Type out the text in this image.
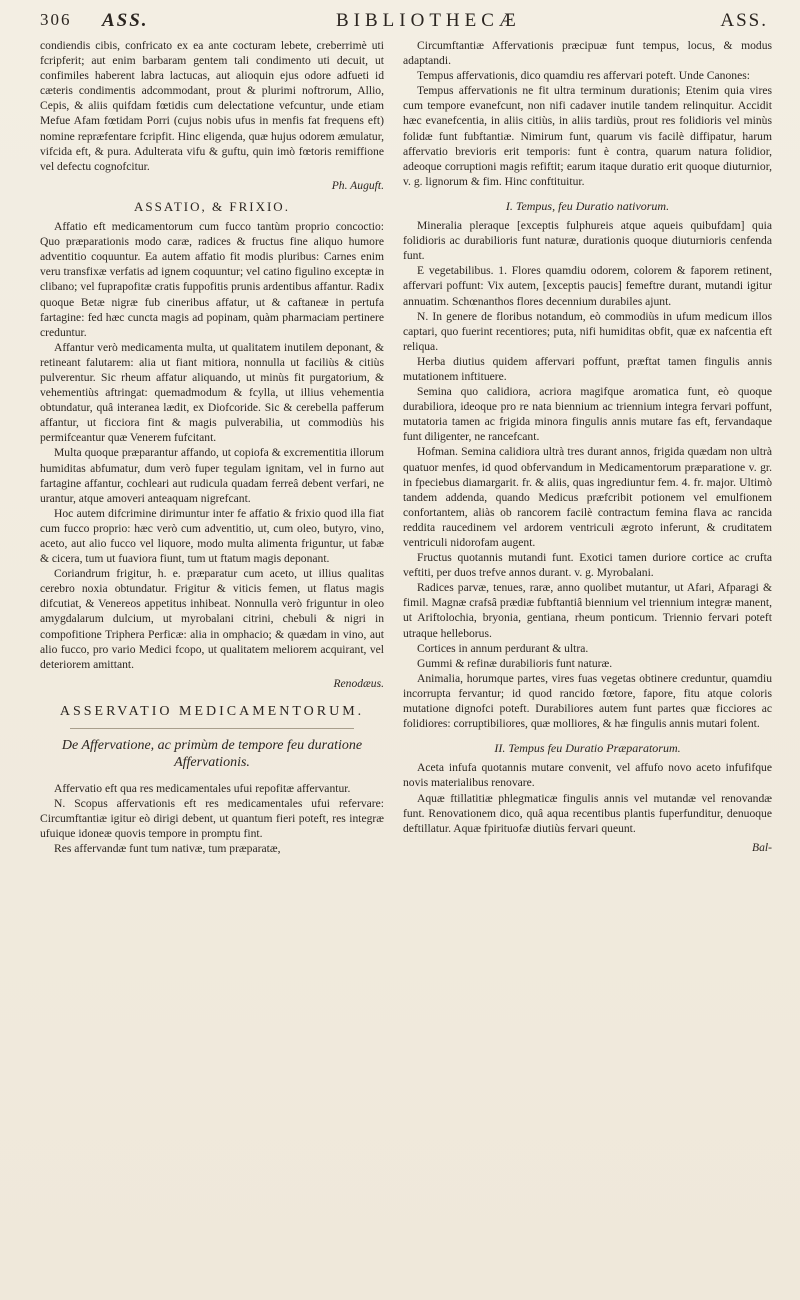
306 ASS.	BIBLIOTHECÆ	ASS.

condiendis cibis, confricato ex ea ante cocturam lebete, creberrimè uti fcripferit; aut enim barbaram gentem tali condimento uti decuit, ut confimiles haberent labra lactucas, aut alioquin ejus odore adfueti id cæteris condimentis adcommodant, prout & plurimi noftrorum, Allio, Cepis, & aliis quifdam fœtidis cum delectatione vefcuntur, unde etiam Mefue Afam fœtidam Porri (cujus nobis ufus in menfis fat frequens eft) nomine repræfentare fcripfit. Hinc eligenda, quæ hujus odorem æmulatur, vifcida eft, & pura. Adulterata vifu & guftu, quin imò fœtoris remiffione vel defectu cognofcitur.

Ph. Auguft.
ASSATIO, & FRIXIO.

Affatio eft medicamentorum cum fucco tantùm proprio concoctio: Quo præparationis modo caræ, radices & fructus fine aliquo humore adventitio coquuntur. Ea autem affatio fit modis pluribus: Carnes enim veru transfixæ verfatis ad ignem coquuntur; vel catino figulino exceptæ in clibano; vel fuprapofitæ cratis fuppofitis prunis ardentibus affantur. Radix quoque Betæ nigræ fub cineribus affatur, ut & caftaneæ in pertufa fartagine: fed hæc cuncta magis ad popinam, quàm pharmaciam pertinere creduntur.

Affantur verò medicamenta multa, ut qualitatem inutilem deponant, & retineant falutarem: alia ut fiant mitiora, nonnulla ut faciliùs & citiùs pulverentur. Sic rheum affatur aliquando, ut minùs fit purgatorium, & vehementiùs aftringat: quemadmodum & fcylla, ut illius vehementia obtundatur, quâ interanea lædit, ex Diofcoride. Sic & cerebella pafferum affantur, ut ficciora fint & magis pulverabilia, ut commodiùs his permifceantur quæ Venerem fufcitant.

Multa quoque præparantur affando, ut copiofa & excrementitia illorum humiditas abfumatur, dum verò fuper tegulam ignitam, vel in furno aut fartagine affantur, cochleari aut rudicula quadam ferreâ debent verfari, ne urantur, atque amoveri anteaquam nigrefcant.

Hoc autem difcrimine dirimuntur inter fe affatio & frixio quod illa fiat cum fucco proprio: hæc verò cum adventitio, ut, cum oleo, butyro, vino, aceto, aut alio fucco vel liquore, modo multa alimenta friguntur, ut fabæ & cicera, tum ut fuaviora fiunt, tum ut ftatum magis deponant.

Coriandrum frigitur, h. e. præparatur cum aceto, ut illius qualitas cerebro noxia obtundatur. Frigitur & viticis femen, ut flatus magis difcutiat, & Venereos appetitus inhibeat. Nonnulla verò friguntur in oleo amygdalarum dulcium, ut myrobalani citrini, chebuli & nigri in compofitione Triphera Perficæ: alia in omphacio; & quædam in vino, aut alio fucco, pro vario Medici fcopo, ut qualitatem meliorem acquirant, vel deteriorem amittant.

Renodæus.
ASSERVATIO MEDICAMENTORUM.
De Affervatione, ac primùm de tempore feu duratione Affervationis.

Affervatio eft qua res medicamentales ufui repofitæ affervantur.

N. Scopus affervationis eft res medicamentales ufui refervare: Circumftantiæ igitur eò dirigi debent, ut quantum fieri poteft, res integræ ufuique idoneæ quovis tempore in promptu fint.

Res affervandæ funt tum nativæ, tum præparatæ,

Circumftantiæ Affervationis præcipuæ funt tempus, locus, & modus adaptandi.

Tempus affervationis, dico quamdiu res affervari poteft. Unde Canones:

Tempus affervationis ne fit ultra terminum durationis; Etenim quia vires cum tempore evanefcunt, non nifi cadaver inutile tandem relinquitur. Accidit hæc evanefcentia, in aliis citiùs, in aliis tardiùs, prout res folidioris vel minùs folidæ funt fubftantiæ. Nimirum funt, quarum vis facilè diffipatur, harum affervatio brevioris erit temporis: funt è contra, quarum natura folidior, adeoque corruptioni magis refiftit; earum itaque duratio erit quoque diuturnior, v. g. lignorum & fim. Hinc conftituitur.

I. Tempus, feu Duratio nativorum.

Mineralia pleraque [exceptis fulphureis atque aqueis quibufdam] quia folidioris ac durabilioris funt naturæ, durationis quoque diuturnioris cenfenda funt.

E vegetabilibus. 1. Flores quamdiu odorem, colorem & faporem retinent, affervari poffunt: Vix autem, [exceptis paucis] femeftre durant, mutandi igitur annuatim. Schœnanthos flores decennium durabiles ajunt.

N. In genere de floribus notandum, eò commodiùs in ufum medicum illos captari, quo fuerint recentiores; puta, nifi humiditas obfit, quæ ex nafcentia eft reliqua.

Herba diutius quidem affervari poffunt, præftat tamen fingulis annis mutationem inftituere.

Semina quo calidiora, acriora magifque aromatica funt, eò quoque durabiliora, ideoque pro re nata biennium ac triennium integra fervari poffunt, mutatoria tamen ac frigida minora fingulis annis mutare fas eft, fervandaque funt diligenter, ne rancefcant.

Hofman. Semina calidiora ultrà tres durant annos, frigida quædam non ultrà quatuor menfes, id quod obfervandum in Medicamentorum præparatione v. gr. in fpeciebus diamargarit. fr. & aliis, quas ingrediuntur fem. 4. fr. major. Ultimò tandem addenda, quando Medicus præfcribit potionem vel emulfionem confortantem, aliàs ob rancorem facilè contractum femina flava ac rancida reddita raucedinem vel ardorem ventriculi ægroto inferunt, & cruditatem ventriculi nidorofam augent.

Fructus quotannis mutandi funt. Exotici tamen duriore cortice ac crufta veftiti, per duos trefve annos durant. v. g. Myrobalani.

Radices parvæ, tenues, raræ, anno quolibet mutantur, ut Afari, Afparagi & fimil. Magnæ crafsâ prædiæ fubftantiâ biennium vel triennium integræ manent, ut Ariftolochia, bryonia, gentiana, rheum ponticum. Triennio fervari poteft utraque helleborus.

Cortices in annum perdurant & ultra.

Gummi & refinæ durabilioris funt naturæ.

Animalia, horumque partes, vires fuas vegetas obtinere creduntur, quamdiu incorrupta fervantur; id quod rancido fœtore, fapore, fitu atque coloris mutatione dignofci poteft. Durabiliores autem funt partes quæ ficciores ac folidiores: corruptibiliores, quæ molliores, & hæ fingulis annis mutari folent.

II. Tempus feu Duratio Præparatorum.

Aceta infufa quotannis mutare convenit, vel affufo novo aceto infufifque novis materialibus renovare.

Aquæ ftillatitiæ phlegmaticæ fingulis annis vel mutandæ vel renovandæ funt. Renovationem dico, quâ aqua recentibus plantis fuperfunditur, denuoque deftillatur. Aquæ fpirituofæ diutiùs fervari queunt.

Bal-
